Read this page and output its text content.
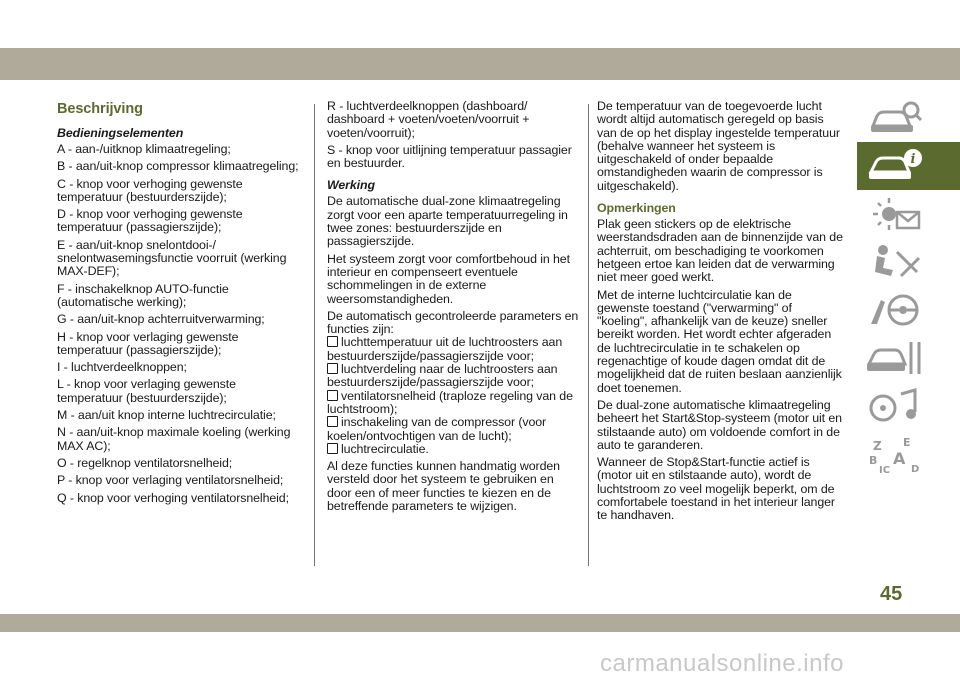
Beschrijving
Bedieningselementen

A - aan-/uitknop klimaatregeling;

B - aan/uit-knop compressor klimaatregeling;

C - knop voor verhoging gewenste temperatuur (bestuurderszijde);

D - knop voor verhoging gewenste temperatuur (passagierszijde);

E - aan/uit-knop snelontdooi-/ snelontwasemingsfunctie voorruit (werking MAX-DEF);

F - inschakelknop AUTO-functie (automatische werking);

G - aan/uit-knop achterruitverwarming;

H - knop voor verlaging gewenste temperatuur (passagierszijde);

I - luchtverdeelknoppen;

L - knop voor verlaging gewenste temperatuur (bestuurderszijde);

M - aan/uit knop interne luchtrecirculatie;

N - aan/uit-knop maximale koeling (werking MAX AC);

O - regelknop ventilatorsnelheid;

P - knop voor verlaging ventilatorsnelheid;

Q - knop voor verhoging ventilatorsnelheid;

R - luchtverdeelknoppen (dashboard/ dashboard + voeten/voeten/voorruit + voeten/voorruit);

S - knop voor uitlijning temperatuur passagier en bestuurder.

Werking

De automatische dual-zone klimaatregeling zorgt voor een aparte temperatuurregeling in twee zones: bestuurderszijde en passagierszijde.

Het systeem zorgt voor comfortbehoud in het interieur en compenseert eventuele schommelingen in de externe weersomstandigheden.

De automatisch gecontroleerde parameters en functies zijn:

luchttemperatuur uit de luchtroosters aan bestuurderszijde/passagierszijde voor;
luchtverdeling naar de luchtroosters aan bestuurderszijde/passagierszijde voor;
ventilatorsnelheid (traploze regeling van de luchtstroom);
inschakeling van de compressor (voor koelen/ontvochtigen van de lucht);
luchtrecirculatie.

Al deze functies kunnen handmatig worden versteld door het systeem te gebruiken en door een of meer functies te kiezen en de betreffende parameters te wijzigen.

De temperatuur van de toegevoerde lucht wordt altijd automatisch geregeld op basis van de op het display ingestelde temperatuur (behalve wanneer het systeem is uitgeschakeld of onder bepaalde omstandigheden waarin de compressor is uitgeschakeld).

Opmerkingen

Plak geen stickers op de elektrische weerstandsdraden aan de binnenzijde van de achterruit, om beschadiging te voorkomen hetgeen ertoe kan leiden dat de verwarming niet meer goed werkt.

Met de interne luchtcirculatie kan de gewenste toestand ("verwarming" of "koeling", afhankelijk van de keuze) sneller bereikt worden. Het wordt echter afgeraden de luchtrecirculatie in te schakelen op regenachtige of koude dagen omdat dit de mogelijkheid dat de ruiten beslaan aanzienlijk doet toenemen.

De dual-zone automatische klimaatregeling beheert het Start&Stop-systeem (motor uit en stilstaande auto) om voldoende comfort in de auto te garanderen.

Wanneer de Stop&Start-functie actief is (motor uit en stilstaande auto), wordt de luchtstroom zo veel mogelijk beperkt, om de comfortabele toestand in het interieur langer te handhaven.

i
Z E
B A
IC D
45
carmanualsonline.info
